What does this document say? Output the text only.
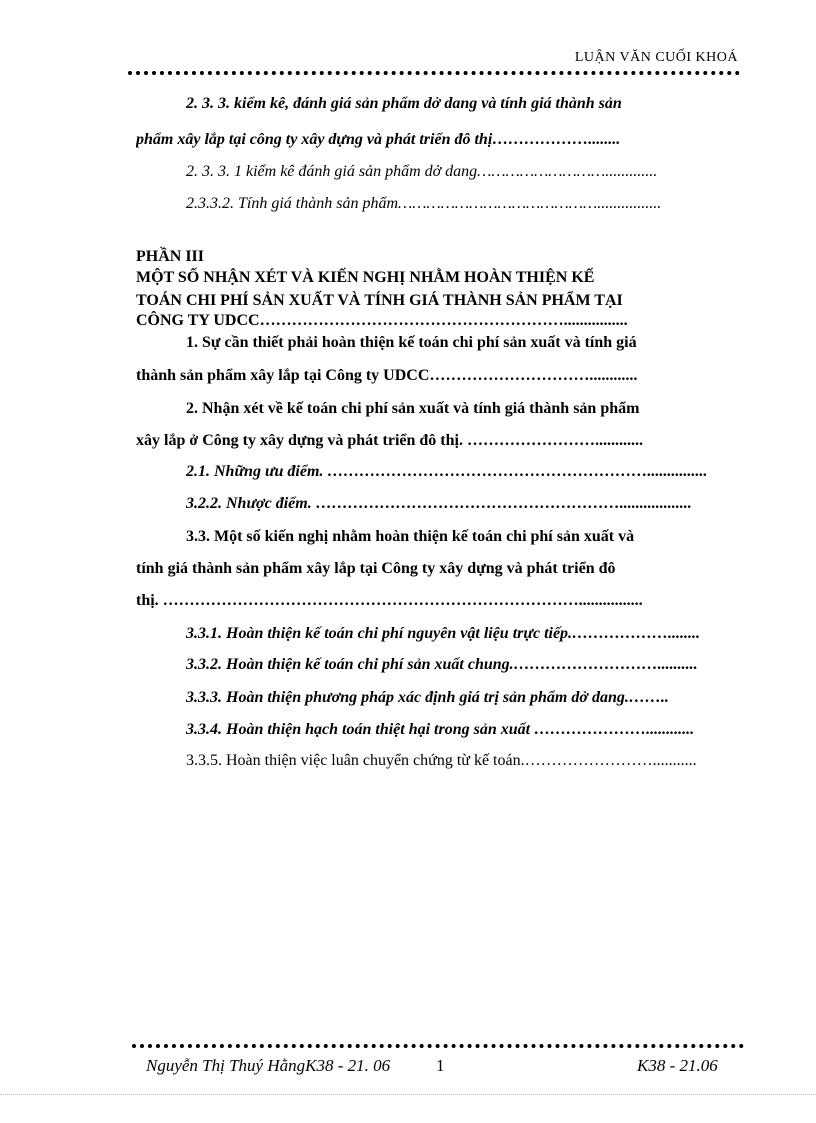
LUẬN VĂN CUỐI KHOÁ
2. 3. 3. kiểm kê, đánh giá sản phẩm dở dang và tính giá thành sản
phẩm xây lắp tại công ty xây dựng và phát triển đô thị………………........
2. 3. 3. 1 kiểm kê đánh giá sản phẩm dở dang……………………….............
2.3.3.2. Tính giá thành sản phẩm……………………………………................
PHẦN III
MỘT SỐ NHẬN XÉT VÀ KIẾN NGHỊ NHẰM HOÀN THIỆN KẾ
TOÁN CHI PHÍ SẢN XUẤT VÀ TÍNH GIÁ THÀNH SẢN PHẨM TẠI
CÔNG TY UDCC…………………………………………………................
1. Sự cần thiết phải hoàn thiện kế toán chi phí sản xuất và tính giá
thành sản phẩm xây lắp tại Công ty UDCC…………………………............
2. Nhận xét về kế toán chi phí sản xuất và tính giá thành sản phẩm
xây lắp ở Công ty xây dựng và phát triển đô thị. ……………………............
2.1. Những ưu điểm. ……………………………………………………...............
3.2.2. Nhược điểm. …………………………………………………..................
3.3. Một số kiến nghị nhằm hoàn thiện kế toán chi phí sản xuất và
tính giá thành sản phẩm xây lắp tại Công ty xây dựng và phát triển đô
thị. ……………………………………………………………………................
3.3.1. Hoàn thiện kế toán chi phí nguyên vật liệu trực tiếp.………………........
3.3.2. Hoàn thiện kế toán chi phí sản xuất chung.………………………..........
3.3.3. Hoàn thiện phương pháp xác định giá trị sản phẩm dở dang.……..
3.3.4. Hoàn thiện hạch toán thiệt hại trong sản xuất …………………............
3.3.5. Hoàn thiện việc luân chuyển chứng từ kế toán.……………………...........
Nguyễn Thị Thuý HằngK38 - 21. 06	1	K38 - 21.06
